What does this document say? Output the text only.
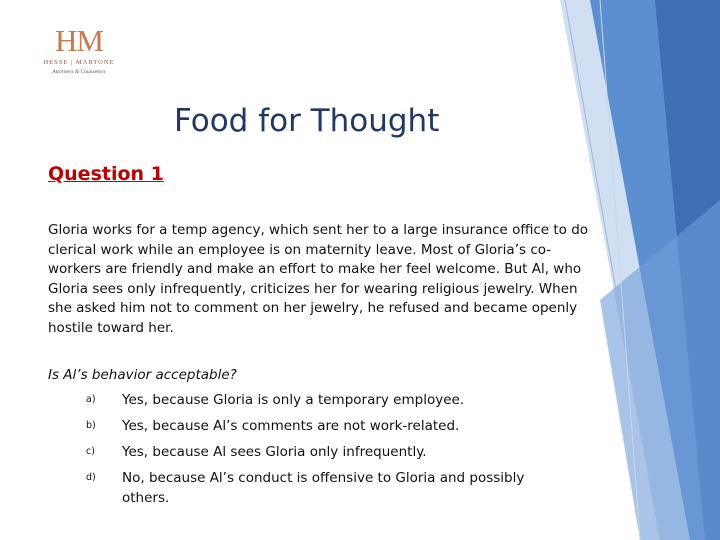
HM
HESSE | MARTONE
Attorneys & Counselors
Food for Thought
Question 1

Gloria works for a temp agency, which sent her to a large insurance office to do clerical work while an employee is on maternity leave. Most of Gloria’s co-workers are friendly and make an effort to make her feel welcome. But Al, who Gloria sees only infrequently, criticizes her for wearing religious jewelry. When she asked him not to comment on her jewelry, he refused and became openly hostile toward her.

Is Al’s behavior acceptable?

a)	Yes, because Gloria is only a temporary employee.
b)	Yes, because Al’s comments are not work-related.
c)	Yes, because Al sees Gloria only infrequently.
d)	No, because Al’s conduct is offensive to Gloria and possibly others.
